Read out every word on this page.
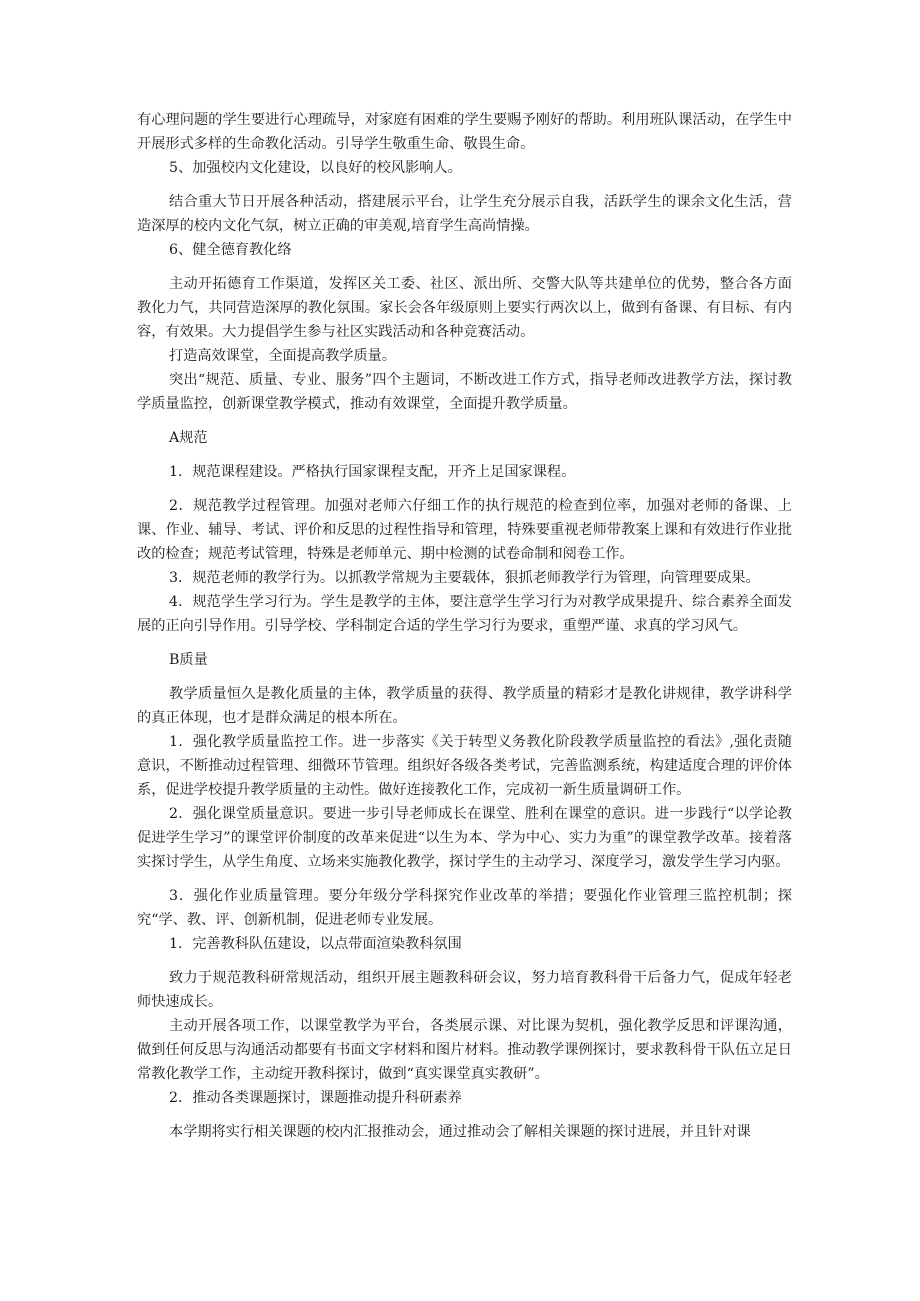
有心理问题的学生要进行心理疏导，对家庭有困难的学生要赐予刚好的帮助。利用班队课活动，在学生中开展形式多样的生命教化活动。引导学生敬重生命、敬畏生命。

5、加强校内文化建设，以良好的校风影响人。

结合重大节日开展各种活动，搭建展示平台，让学生充分展示自我，活跃学生的课余文化生活，营造深厚的校内文化气氛，树立正确的审美观,培育学生高尚情操。

6、健全德育教化络

主动开拓德育工作渠道，发挥区关工委、社区、派出所、交警大队等共建单位的优势，整合各方面教化力气，共同营造深厚的教化氛围。家长会各年级原则上要实行两次以上，做到有备课、有目标、有内容，有效果。大力提倡学生参与社区实践活动和各种竞赛活动。

打造高效课堂，全面提高教学质量。

突出“规范、质量、专业、服务”四个主题词，不断改进工作方式，指导老师改进教学方法，探讨教学质量监控，创新课堂教学模式，推动有效课堂，全面提升教学质量。

A规范

1．规范课程建设。严格执行国家课程支配，开齐上足国家课程。

2．规范教学过程管理。加强对老师六仔细工作的执行规范的检查到位率，加强对老师的备课、上课、作业、辅导、考试、评价和反思的过程性指导和管理，特殊要重视老师带教案上课和有效进行作业批改的检查；规范考试管理，特殊是老师单元、期中检测的试卷命制和阅卷工作。

3．规范老师的教学行为。以抓教学常规为主要载体，狠抓老师教学行为管理，向管理要成果。

4．规范学生学习行为。学生是教学的主体，要注意学生学习行为对教学成果提升、综合素养全面发展的正向引导作用。引导学校、学科制定合适的学生学习行为要求，重塑严谨、求真的学习风气。

B质量

教学质量恒久是教化质量的主体，教学质量的获得、教学质量的精彩才是教化讲规律，教学讲科学的真正体现，也才是群众满足的根本所在。

1．强化教学质量监控工作。进一步落实《关于转型义务教化阶段教学质量监控的看法》,强化责随意识，不断推动过程管理、细微环节管理。组织好各级各类考试，完善监测系统，构建适度合理的评价体系，促进学校提升教学质量的主动性。做好连接教化工作，完成初一新生质量调研工作。

2．强化课堂质量意识。要进一步引导老师成长在课堂、胜利在课堂的意识。进一步践行“以学论教促进学生学习”的课堂评价制度的改革来促进“以生为本、学为中心、实力为重”的课堂教学改革。接着落实探讨学生，从学生角度、立场来实施教化教学，探讨学生的主动学习、深度学习，激发学生学习内驱。

3．强化作业质量管理。要分年级分学科探究作业改革的举措；要强化作业管理三监控机制；探究“学、教、评、创新机制，促进老师专业发展。

1．完善教科队伍建设，以点带面渲染教科氛围

致力于规范教科研常规活动，组织开展主题教科研会议，努力培育教科骨干后备力气，促成年轻老师快速成长。

主动开展各项工作，以课堂教学为平台，各类展示课、对比课为契机，强化教学反思和评课沟通，做到任何反思与沟通活动都要有书面文字材料和图片材料。推动教学课例探讨，要求教科骨干队伍立足日常教化教学工作，主动绽开教科探讨，做到“真实课堂真实教研”。

2．推动各类课题探讨，课题推动提升科研素养

本学期将实行相关课题的校内汇报推动会，通过推动会了解相关课题的探讨进展，并且针对课
